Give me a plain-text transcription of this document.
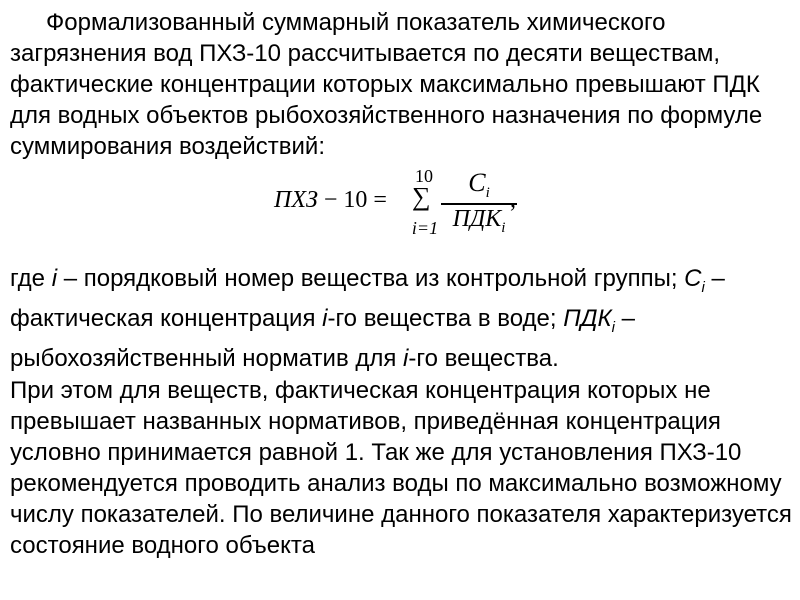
Формализованный суммарный показатель химического загрязнения вод ПХЗ-10 рассчитывается по десяти веществам, фактические концентрации которых максимально превышают ПДК для водных объектов рыбохозяйственного назначения по формуле суммирования воздействий:

ПХЗ − 10 =
10
∑
i=1
$C_i$
$ПДК_i$
,

где i – порядковый номер вещества из контрольной группы; $C_i$ – фактическая концентрация i-го вещества в воде; $ПДК_i$ – рыбохозяйственный норматив для i-го вещества.

При этом для веществ, фактическая концентрация которых не превышает названных нормативов, приведённая концентрация условно принимается равной 1. Так же для установления ПХЗ-10 рекомендуется проводить анализ воды по максимально возможному числу показателей. По величине данного показателя характеризуется состояние водного объекта
